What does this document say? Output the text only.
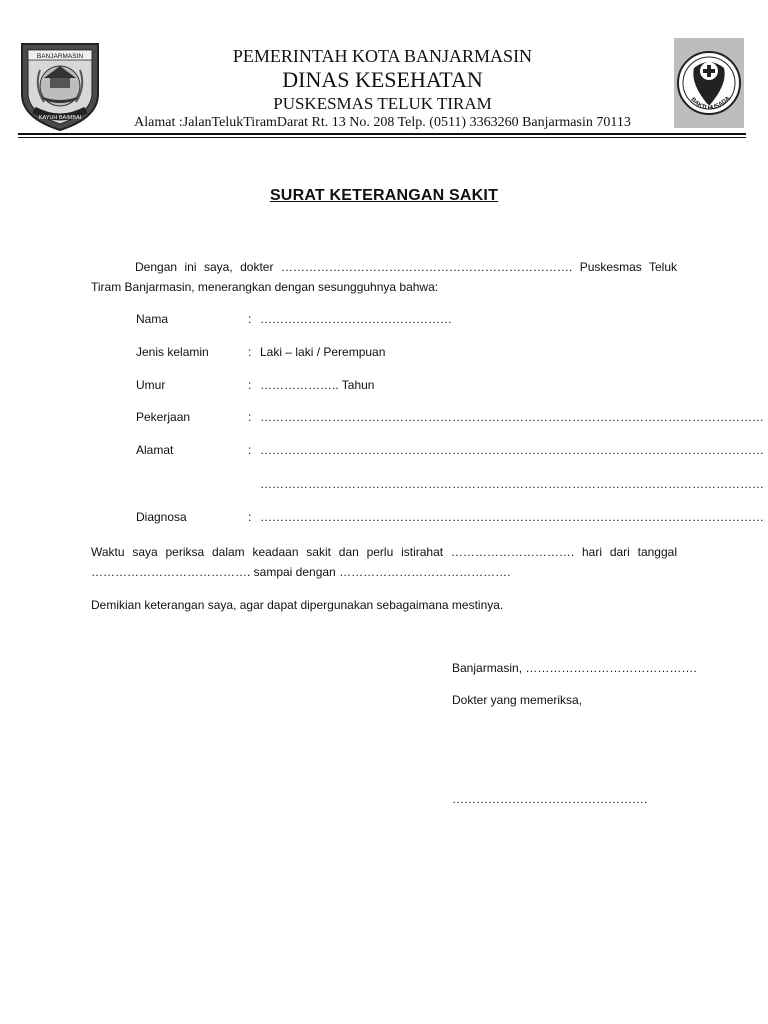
BANJARMASIN
KAYUH BAIMBAI
PEMERINTAH KOTA BANJARMASIN
DINAS KESEHATAN
PUSKESMAS TELUK TIRAM
Alamat :JalanTelukTiramDarat Rt. 13 No. 208 Telp. (0511) 3363260 Banjarmasin 70113
BAKTI HUSADA
SURAT KETERANGAN SAKIT
Dengan ini saya, dokter ………………………………………………………………. Puskesmas Teluk Tiram Banjarmasin, menerangkan dengan sesungguhnya bahwa:
Nama	: …………………………………………
Jenis kelamin	: Laki – laki / Perempuan
Umur	: ……………….. Tahun
Pekerjaan	: ………………………………………………………………………………………………………………
Alamat	: ………………………………………………………………………………………………………………
………………………………………………………………………………………………………………
Diagnosa	: ………………………………………………………………………………………………………………
Waktu saya periksa dalam keadaan sakit dan perlu istirahat …………………………. hari dari tanggal …………………………………. sampai dengan …………………………………….
Demikian keterangan saya, agar dapat dipergunakan sebagaimana mestinya.
Banjarmasin, …………………………………….
Dokter yang memeriksa,
………………………………………….
